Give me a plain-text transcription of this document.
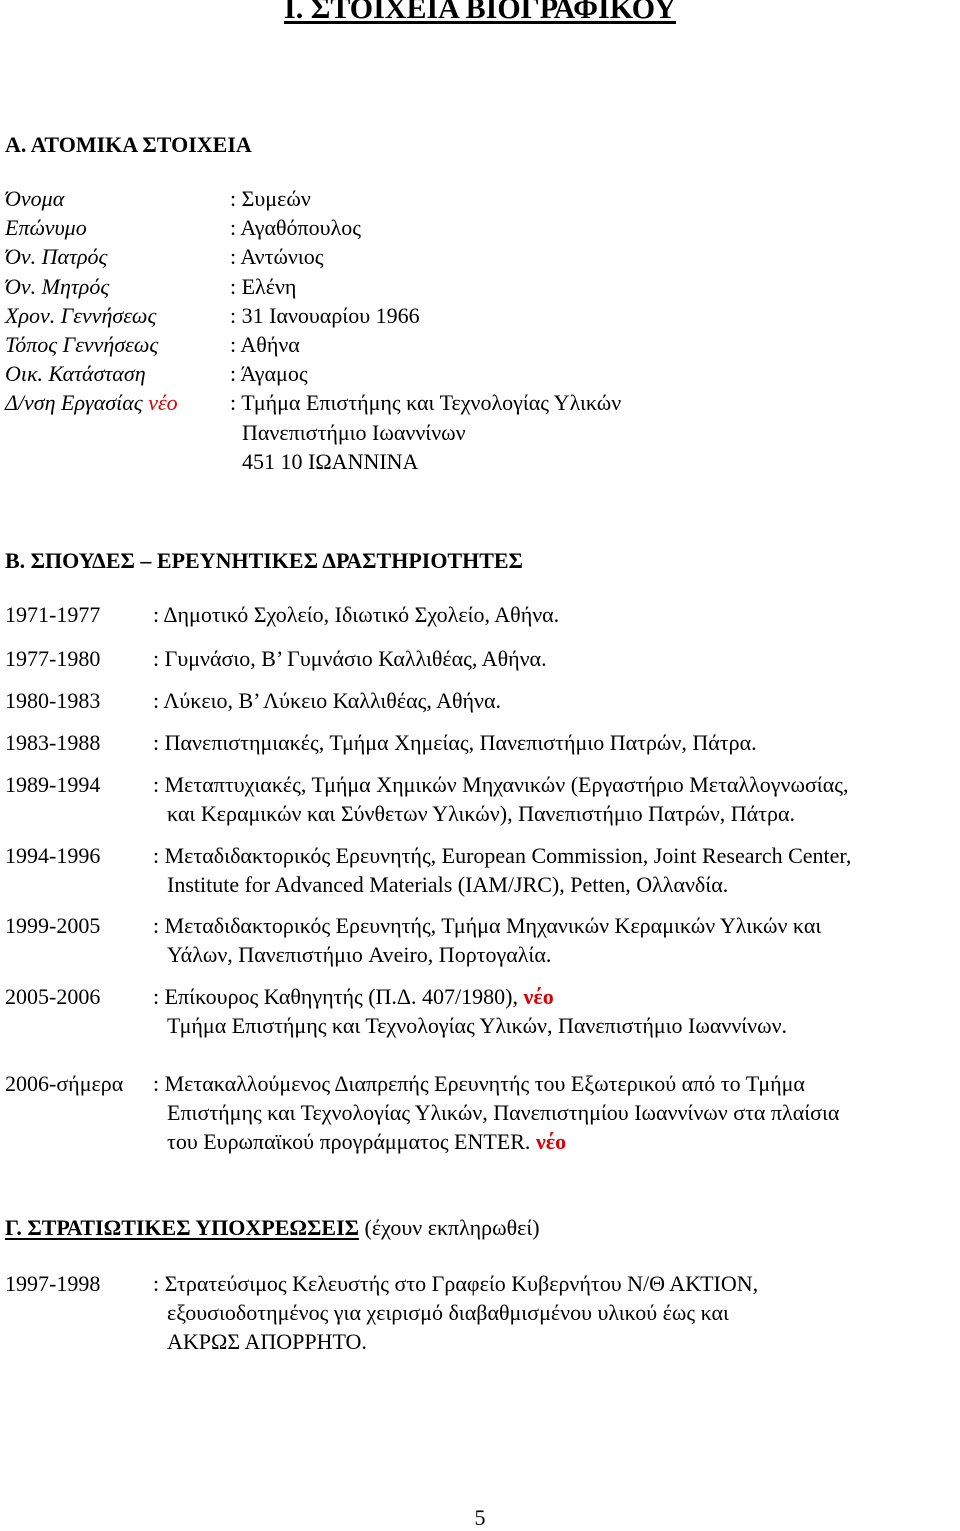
Ι. ΣΤΟΙΧΕΙΑ ΒΙΟΓΡΑΦΙΚΟΥ
Α. ΑΤΟΜΙΚΑ ΣΤΟΙΧΕΙΑ
Όνομα	: Συμεών
Επώνυμο	: Αγαθόπουλος
Όν. Πατρός	: Αντώνιος
Όν. Μητρός	: Ελένη
Χρον. Γεννήσεως	: 31 Ιανουαρίου 1966
Τόπος Γεννήσεως	: Αθήνα
Οικ. Κατάσταση	: Άγαμος
Δ/νση Εργασίας νέο : Τμήμα Επιστήμης και Τεχνολογίας Υλικών
Πανεπιστήμιο Ιωαννίνων
451 10 ΙΩΑΝΝΙΝΑ
Β. ΣΠΟΥΔΕΣ – ΕΡΕΥΝΗΤΙΚΕΣ ΔΡΑΣΤΗΡΙΟΤΗΤΕΣ
1971-1977 : Δημοτικό Σχολείο, Ιδιωτικό Σχολείο, Αθήνα.
1977-1980 : Γυμνάσιο, Β’ Γυμνάσιο Καλλιθέας, Αθήνα.
1980-1983 : Λύκειο, Β’ Λύκειο Καλλιθέας, Αθήνα.
1983-1988 : Πανεπιστημιακές, Τμήμα Χημείας, Πανεπιστήμιο Πατρών, Πάτρα.
1989-1994 : Μεταπτυχιακές, Τμήμα Χημικών Μηχανικών (Εργαστήριο Μεταλλογνωσίας,
και Κεραμικών και Σύνθετων Υλικών), Πανεπιστήμιο Πατρών, Πάτρα.
1994-1996 : Μεταδιδακτορικός Ερευνητής, European Commission, Joint Research Center,
Institute for Advanced Materials (IAM/JRC), Petten, Ολλανδία.
1999-2005 : Μεταδιδακτορικός Ερευνητής, Τμήμα Μηχανικών Κεραμικών Υλικών και
Υάλων, Πανεπιστήμιο Aveiro, Πορτογαλία.
2005-2006 : Επίκουρος Καθηγητής (Π.Δ. 407/1980), νέο
Τμήμα Επιστήμης και Τεχνολογίας Υλικών, Πανεπιστήμιο Ιωαννίνων.
2006-σήμερα : Μετακαλλούμενος Διαπρεπής Ερευνητής του Εξωτερικού από το Τμήμα
Επιστήμης και Τεχνολογίας Υλικών, Πανεπιστημίου Ιωαννίνων στα πλαίσια
του Ευρωπαϊκού προγράμματος ENTER. νέο
Γ. ΣΤΡΑΤΙΩΤΙΚΕΣ ΥΠΟΧΡΕΩΣΕΙΣ (έχουν εκπληρωθεί)
1997-1998 : Στρατεύσιμος Κελευστής στο Γραφείο Κυβερνήτου Ν/Θ ΑΚΤΙΟΝ,
εξουσιοδοτημένος για χειρισμό διαβαθμισμένου υλικού έως και
ΑΚΡΩΣ ΑΠΟΡΡΗΤΟ.
5
